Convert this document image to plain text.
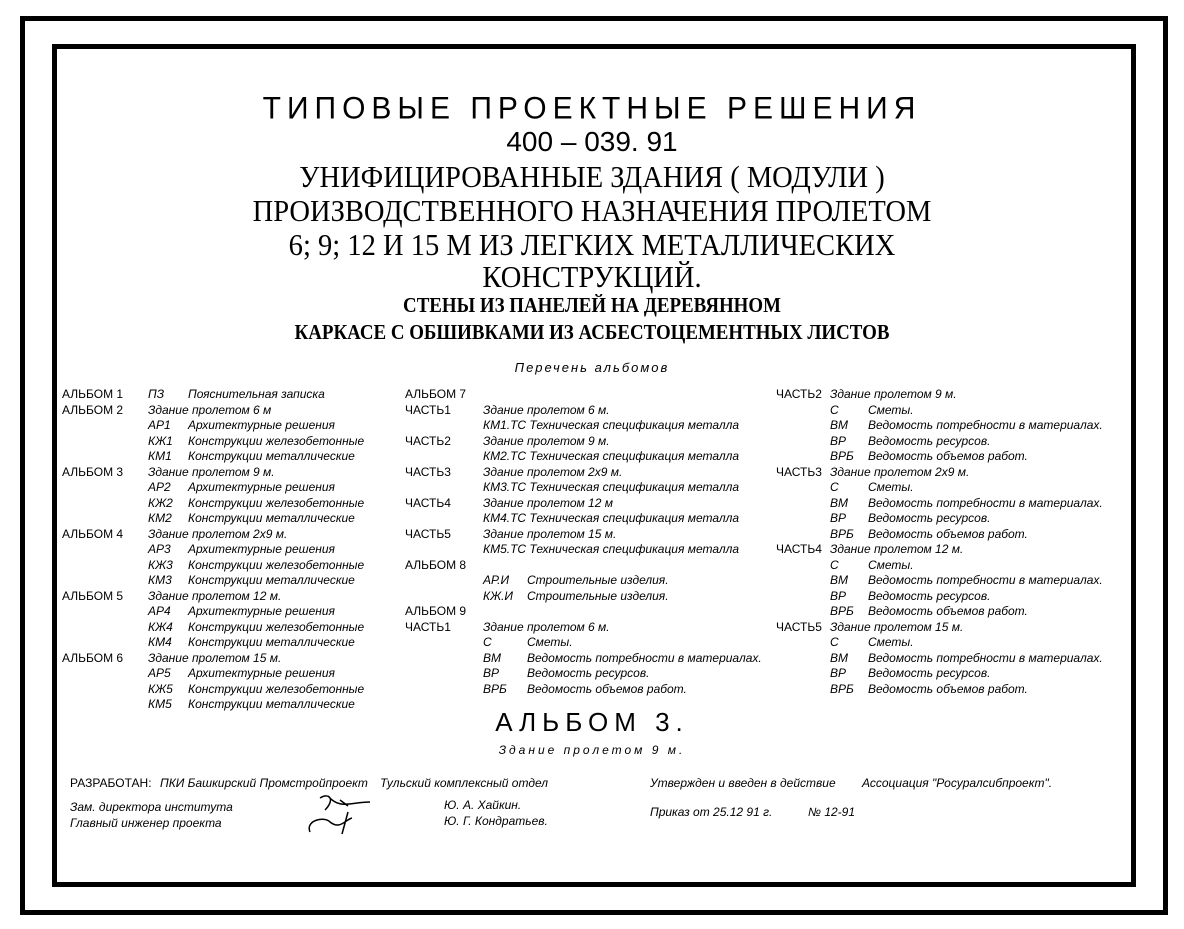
ТИПОВЫЕ ПРОЕКТНЫЕ РЕШЕНИЯ
400 – 039. 91
УНИФИЦИРОВАННЫЕ ЗДАНИЯ ( МОДУЛИ )
ПРОИЗВОДСТВЕННОГО НАЗНАЧЕНИЯ ПРОЛЕТОМ
6; 9; 12 И 15 М ИЗ ЛЕГКИХ МЕТАЛЛИЧЕСКИХ
КОНСТРУКЦИЙ.
СТЕНЫ ИЗ ПАНЕЛЕЙ НА ДЕРЕВЯННОМ
КАРКАСЕ С ОБШИВКАМИ ИЗ АСБЕСТОЦЕМЕНТНЫХ ЛИСТОВ
Перечень альбомов
АЛЬБОМ 1	ПЗ	Пояснительная записка
АЛЬБОМ 2	Здание пролетом 6 м
АР1	Архитектурные решения
КЖ1	Конструкции железобетонные
КМ1	Конструкции металлические
АЛЬБОМ 3	Здание пролетом 9 м.
АР2	Архитектурные решения
КЖ2	Конструкции железобетонные
КМ2	Конструкции металлические
АЛЬБОМ 4	Здание пролетом 2х9 м.
АР3	Архитектурные решения
КЖ3	Конструкции железобетонные
КМ3	Конструкции металлические
АЛЬБОМ 5	Здание пролетом 12 м.
АР4	Архитектурные решения
КЖ4	Конструкции железобетонные
КМ4	Конструкции металлические
АЛЬБОМ 6	Здание пролетом 15 м.
АР5	Архитектурные решения
КЖ5	Конструкции железобетонные
КМ5	Конструкции металлические
АЛЬБОМ 7
ЧАСТЬ1	Здание пролетом 6 м.
КМ1.ТС Техническая спецификация металла
ЧАСТЬ2	Здание пролетом 9 м.
КМ2.ТС Техническая спецификация металла
ЧАСТЬ3	Здание пролетом 2х9 м.
КМ3.ТС Техническая спецификация металла
ЧАСТЬ4	Здание пролетом 12 м
КМ4.ТС Техническая спецификация металла
ЧАСТЬ5	Здание пролетом 15 м.
КМ5.ТС Техническая спецификация металла
АЛЬБОМ 8
АР.И	Строительные изделия.
КЖ.И	Строительные изделия.
АЛЬБОМ 9
ЧАСТЬ1	Здание пролетом 6 м.
С	Сметы.
ВМ	Ведомость потребности в материалах.
ВР	Ведомость ресурсов.
ВРБ	Ведомость объемов работ.
ЧАСТЬ2 Здание пролетом 9 м.
С	Сметы.
ВМ	Ведомость потребности в материалах.
ВР	Ведомость ресурсов.
ВРБ	Ведомость объемов работ.
ЧАСТЬ3 Здание пролетом 2х9 м.
С	Сметы.
ВМ	Ведомость потребности в материалах.
ВР	Ведомость ресурсов.
ВРБ	Ведомость объемов работ.
ЧАСТЬ4 Здание пролетом 12 м.
С	Сметы.
ВМ	Ведомость потребности в материалах.
ВР	Ведомость ресурсов.
ВРБ	Ведомость объемов работ.
ЧАСТЬ5 Здание пролетом 15 м.
С	Сметы.
ВМ	Ведомость потребности в материалах.
ВР	Ведомость ресурсов.
ВРБ	Ведомость объемов работ.
АЛЬБОМ 3.
Здание пролетом 9 м.
РАЗРАБОТАН: ПКИ Башкирский Промстройпроект Тульский комплексный отдел	Утвержден и введен в действие Ассоциация "Росуралсибпроект".
Зам. директора института
Главный инженер проекта
Ю. А. Хайкин.
Ю. Г. Кондратьев.
Приказ от 25.12 91 г.	№ 12-91
